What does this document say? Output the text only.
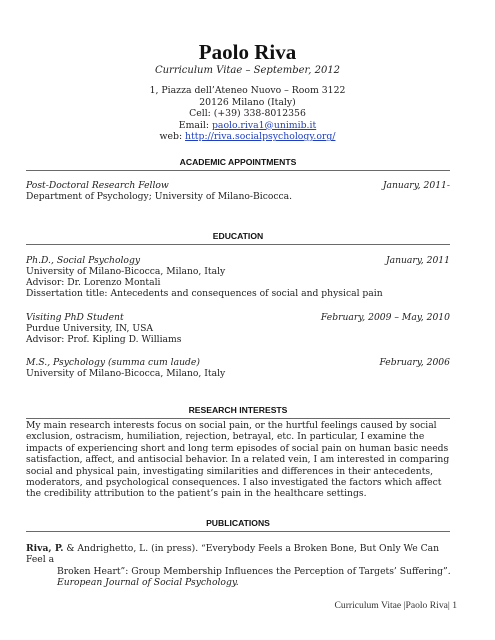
Paolo Riva
Curriculum Vitae – September, 2012
1, Piazza dell’Ateneo Nuovo – Room 3122
20126 Milano (Italy)
Cell: (+39) 338-8012356
Email: paolo.riva1@unimib.it
web: http://riva.socialpsychology.org/
ACADEMIC APPOINTMENTS
Post-Doctoral Research Fellow	January, 2011-
Department of Psychology; University of Milano-Bicocca.
EDUCATION
Ph.D., Social Psychology	January, 2011
University of Milano-Bicocca, Milano, Italy
Advisor: Dr. Lorenzo Montali
Dissertation title: Antecedents and consequences of social and physical pain
Visiting PhD Student	February, 2009 – May, 2010
Purdue University, IN, USA
Advisor: Prof. Kipling D. Williams
M.S., Psychology (summa cum laude)	February, 2006
University of Milano-Bicocca, Milano, Italy
RESEARCH INTERESTS
My main research interests focus on social pain, or the hurtful feelings caused by social exclusion, ostracism, humiliation, rejection, betrayal, etc. In particular, I examine the impacts of experiencing short and long term episodes of social pain on human basic needs satisfaction, affect, and antisocial behavior. In a related vein, I am interested in comparing social and physical pain, investigating similarities and differences in their antecedents, moderators, and psychological consequences. I also investigated the factors which affect the credibility attribution to the patient’s pain in the healthcare settings.
PUBLICATIONS
Riva, P. & Andrighetto, L. (in press). “Everybody Feels a Broken Bone, But Only We Can Feel a
Broken Heart”: Group Membership Influences the Perception of Targets’ Suffering”.
European Journal of Social Psychology.
Curriculum Vitae |Paolo Riva| 1
